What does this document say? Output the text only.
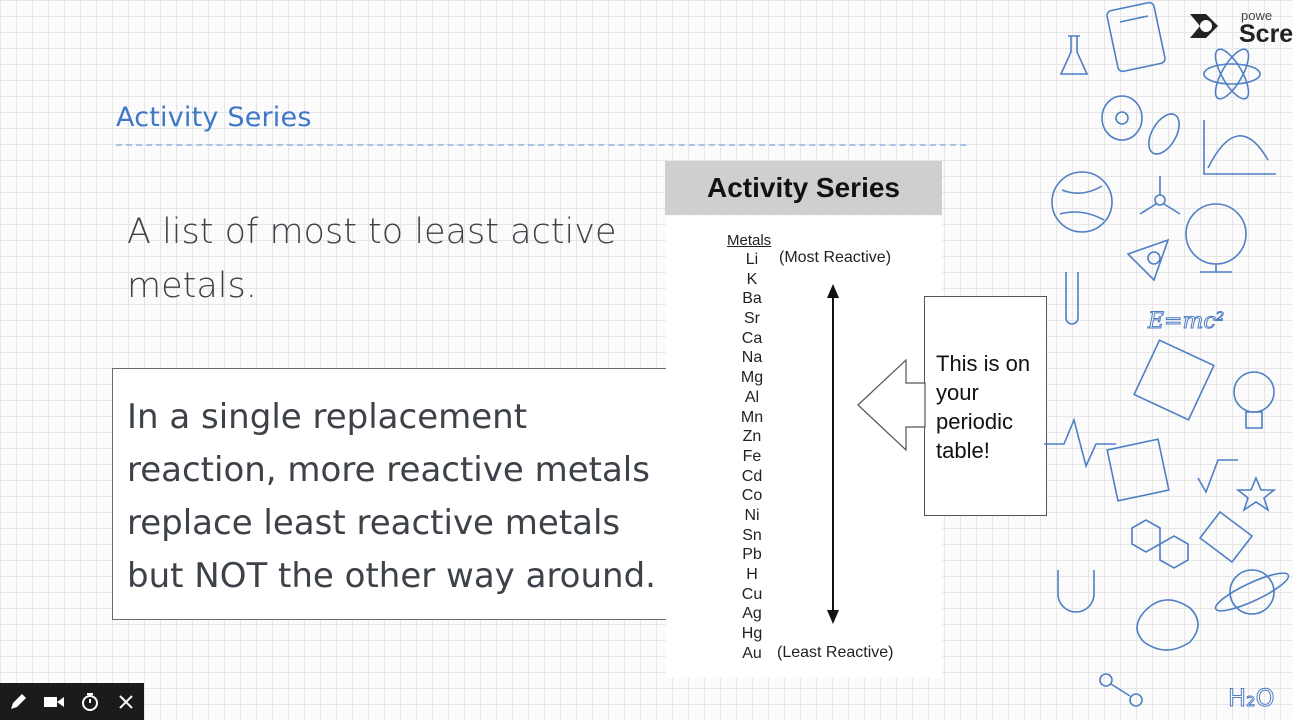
Activity Series
A list of most to least active metals.
In a single replacement reaction, more reactive metals replace least reactive metals but NOT the other way around.
Activity Series
Metals
Li
K
Ba
Sr
Ca
Na
Mg
Al
Mn
Zn
Fe
Cd
Co
Ni
Sn
Pb
H
Cu
Ag
Hg
Au
(Most Reactive)
(Least Reactive)
This is on your periodic table!
E=mc²
H₂O
powe
Scre
